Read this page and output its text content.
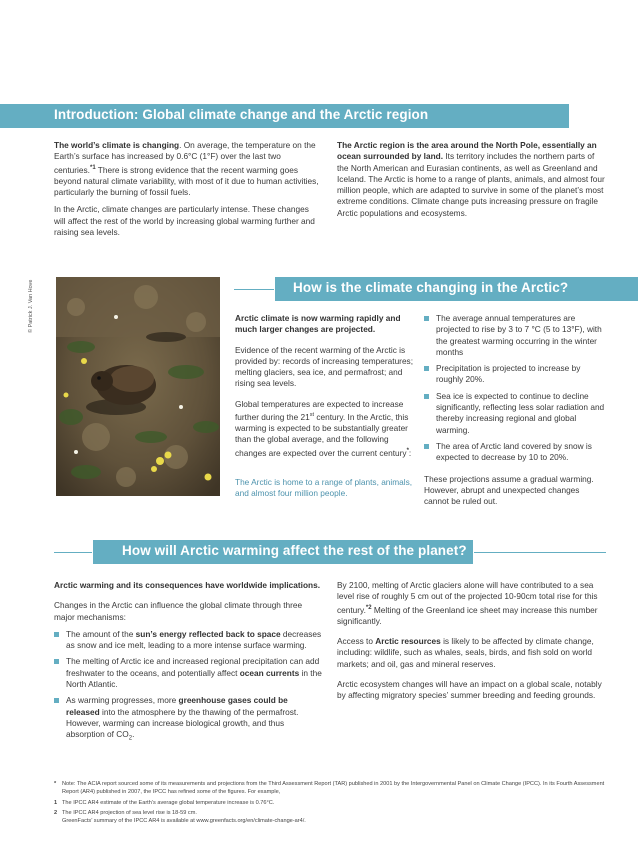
Introduction: Global climate change and the Arctic region

The world’s climate is changing. On average, the temperature on the Earth’s surface has increased by 0.6°C (1°F) over the last two centuries.$^{*1}$ There is strong evidence that the recent warming goes beyond natural climate variability, with most of it due to human activities, particularly the burning of fossil fuels.

In the Arctic, climate changes are particularly intense. These changes will affect the rest of the world by increasing global warming further and raising sea levels.

The Arctic region is the area around the North Pole, essentially an ocean surrounded by land. Its territory includes the northern parts of the North American and Eurasian continents, as well as Greenland and Iceland. The Arctic is home to a range of plants, animals, and almost four million people, which are adapted to survive in some of the planet’s most extreme conditions. Climate change puts increasing pressure on fragile Arctic populations and ecosystems.

© Patrick J. Van Hove	How is the climate changing in the Arctic?

Arctic climate is now warming rapidly and much larger changes are projected.

Evidence of the recent warming of the Arctic is provided by: records of increasing temperatures; melting glaciers, sea ice, and permafrost; and rising sea levels.

Global temperatures are expected to increase further during the 21st century. In the Arctic, this warming is expected to be substantially greater than the global average, and the following changes are expected over the current century*:

The Arctic is home to a range of plants, animals, and almost four million people.

The average annual temperatures are projected to rise by 3 to 7 °C (5 to 13°F), with the greatest warming occurring in the winter months
Precipitation is projected to increase by roughly 20%.
Sea ice is expected to continue to decline significantly, reflecting less solar radiation and thereby increasing regional and global warming.
The area of Arctic land covered by snow is expected to decrease by 10 to 20%.

These projections assume a gradual warming. However, abrupt and unexpected changes cannot be ruled out.

How will Arctic warming affect the rest of the planet?

Arctic warming and its consequences have worldwide implications.

Changes in the Arctic can influence the global climate through three major mechanisms:

The amount of the sun’s energy reflected back to space decreases as snow and ice melt, leading to a more intense surface warming.
The melting of Arctic ice and increased regional precipitation can add freshwater to the oceans, and potentially affect ocean currents in the North Atlantic.
As warming progresses, more greenhouse gases could be released into the atmosphere by the thawing of the permafrost. However, warming can increase biological growth, and thus absorption of $CO_2$.

By 2100, melting of Arctic glaciers alone will have contributed to a sea level rise of roughly 5 cm out of the projected 10-90cm total rise for this century.$^{*2}$ Melting of the Greenland ice sheet may increase this number significantly.

Access to Arctic resources is likely to be affected by climate change, including: wildlife, such as whales, seals, birds, and fish sold on world markets; and oil, gas and mineral reserves.

Arctic ecosystem changes will have an impact on a global scale, notably by affecting migratory species’ summer breeding and feeding grounds.

* Note: The ACIA report sourced some of its measurements and projections from the Third Assessment Report (TAR) published in 2001 by the Intergovernmental Panel on Climate Change (IPCC). In its Fourth Assessment Report (AR4) published in 2007, the IPCC has refined some of the figures. For example,
1 The IPCC AR4 estimate of the Earth’s average global temperature increase is 0.76°C.
2 The IPCC AR4 projection of sea level rise is 18-59 cm.
GreenFacts’ summary of the IPCC AR4 is available at www.greenfacts.org/en/climate-change-ar4/.
